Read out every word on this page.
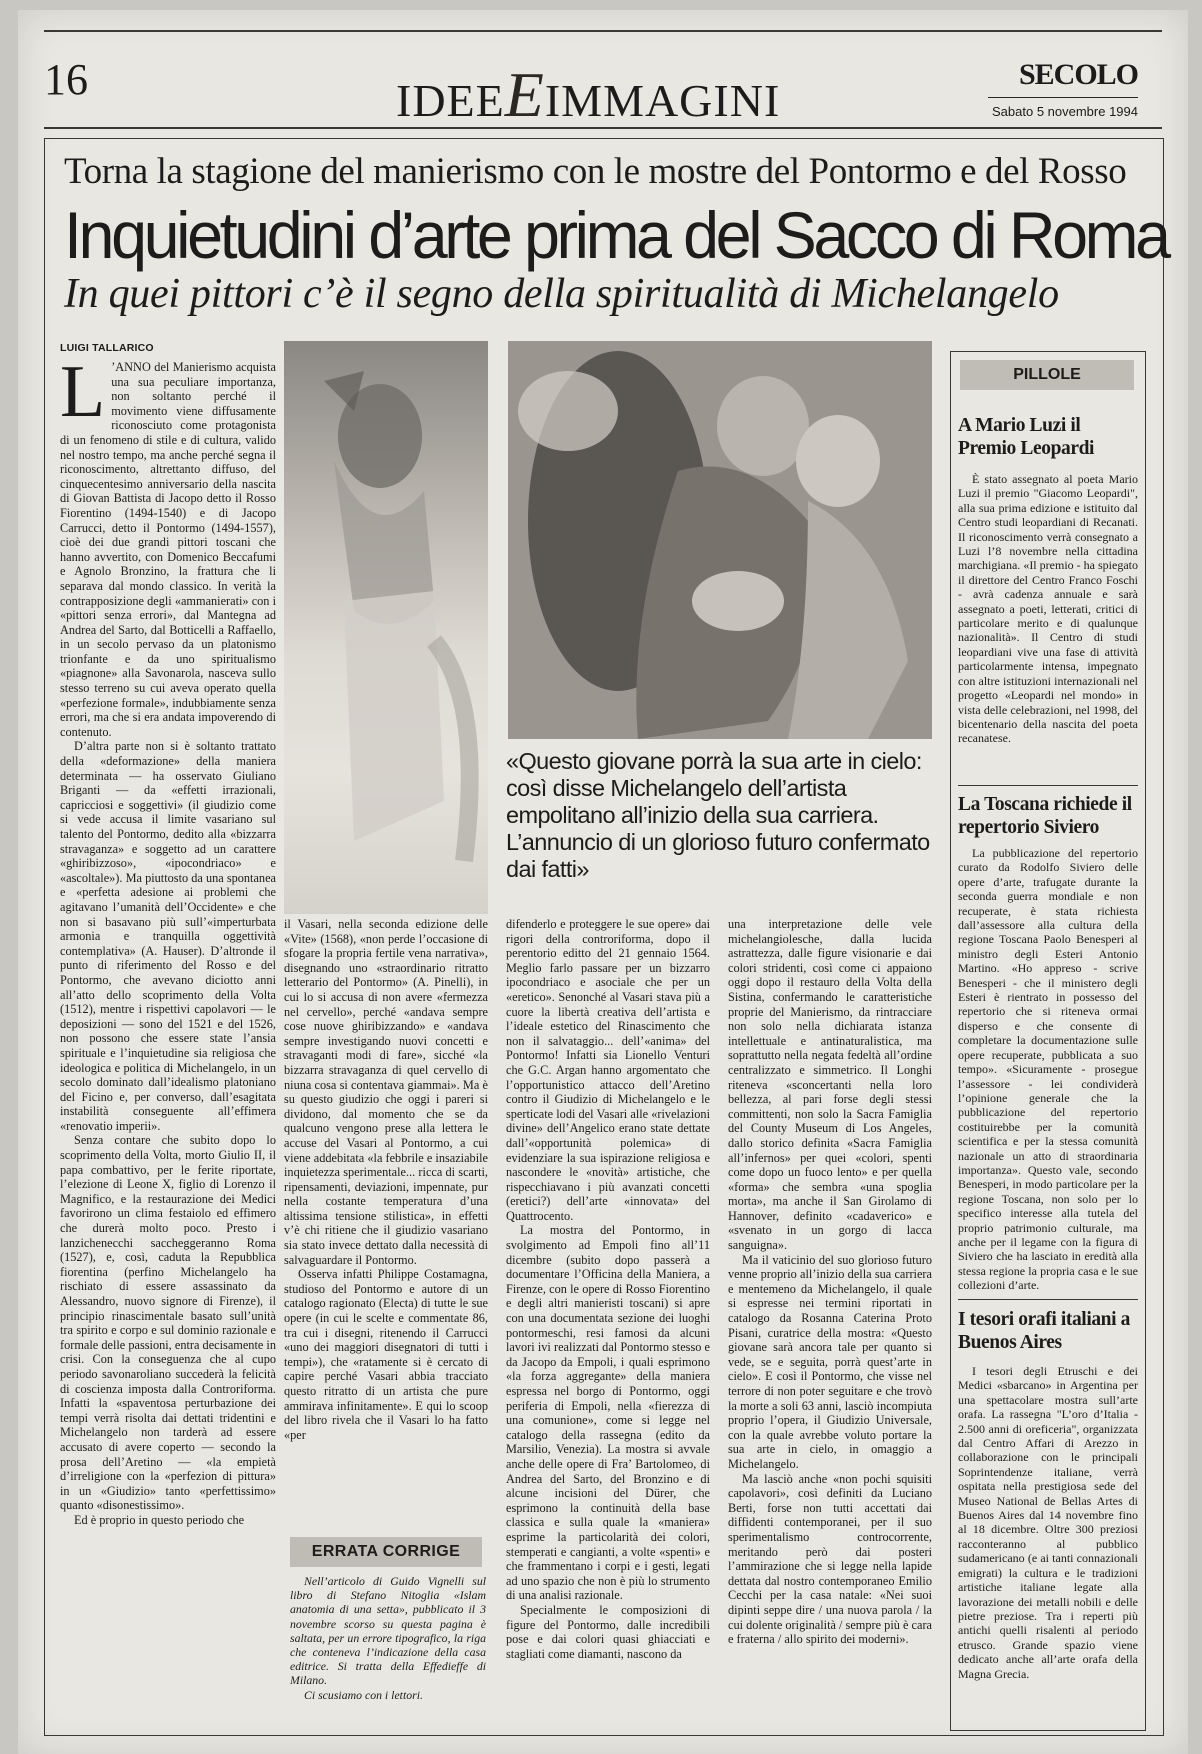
16	IDEEEIMMAGINI
SECOLO
Sabato 5 novembre 1994
Torna la stagione del manierismo con le mostre del Pontormo e del Rosso
Inquietudini d’arte prima del Sacco di Roma
In quei pittori c’è il segno della spiritualità di Michelangelo
LUIGI TALLARICO

L ’ANNO del Manierismo acquista una sua peculiare importanza, non soltanto perché il movimento viene diffusamente riconosciuto come protagonista di un fenomeno di stile e di cultura, valido nel nostro tempo, ma anche perché segna il riconoscimento, altrettanto diffuso, del cinquecentesimo anniversario della nascita di Giovan Battista di Jacopo detto il Rosso Fiorentino (1494-1540) e di Jacopo Carrucci, detto il Pontormo (1494-1557), cioè dei due grandi pittori toscani che hanno avvertito, con Domenico Beccafumi e Agnolo Bronzino, la frattura che li separava dal mondo classico. In verità la contrapposizione degli «ammanierati» con i «pittori senza errori», dal Mantegna ad Andrea del Sarto, dal Botticelli a Raffaello, in un secolo pervaso da un platonismo trionfante e da uno spiritualismo «piagnone» alla Savonarola, nasceva sullo stesso terreno su cui aveva operato quella «perfezione formale», indubbiamente senza errori, ma che si era andata impoverendo di contenuto.

D’altra parte non si è soltanto trattato della «deformazione» della maniera determinata — ha osservato Giuliano Briganti — da «effetti irrazionali, capricciosi e soggettivi» (il giudizio come si vede accusa il limite vasariano sul talento del Pontormo, dedito alla «bizzarra stravaganza» e soggetto ad un carattere «ghiribizzoso», «ipocondriaco» e «ascoltale»). Ma piuttosto da una spontanea e «perfetta adesione ai problemi che agitavano l’umanità dell’Occidente» e che non si basavano più sull’«imperturbata armonia e tranquilla oggettività contemplativa» (A. Hauser). D’altronde il punto di riferimento del Rosso e del Pontormo, che avevano diciotto anni all’atto dello scoprimento della Volta (1512), mentre i rispettivi capolavori — le deposizioni — sono del 1521 e del 1526, non possono che essere state l’ansia spirituale e l’inquietudine sia religiosa che ideologica e politica di Michelangelo, in un secolo dominato dall’idealismo platoniano del Ficino e, per converso, dall’esagitata instabilità conseguente all’effimera «renovatio imperii».

Senza contare che subito dopo lo scoprimento della Volta, morto Giulio II, il papa combattivo, per le ferite riportate, l’elezione di Leone X, figlio di Lorenzo il Magnifico, e la restaurazione dei Medici favorirono un clima festaiolo ed effimero che durerà molto poco. Presto i lanzichenecchi saccheggeranno Roma (1527), e, così, caduta la Repubblica fiorentina (perfino Michelangelo ha rischiato di essere assassinato da Alessandro, nuovo signore di Firenze), il principio rinascimentale basato sull’unità tra spirito e corpo e sul dominio razionale e formale delle passioni, entra decisamente in crisi. Con la conseguenza che al cupo periodo savonaroliano succederà la felicità di coscienza imposta dalla Controriforma. Infatti la «spaventosa perturbazione dei tempi verrà risolta dai dettati tridentini e Michelangelo non tarderà ad essere accusato di avere coperto — secondo la prosa dell’Aretino — «la empietà d’irreligione con la «perfezion di pittura» in un «Giudizio» tanto «perfettissimo» quanto «disonestissimo».

Ed è proprio in questo periodo che

«Questo giovane porrà la sua arte in cielo: così disse Michelangelo dell’artista empolitano all’inizio della sua carriera. L’annuncio di un glorioso futuro confermato dai fatti»

il Vasari, nella seconda edizione delle «Vite» (1568), «non perde l’occasione di sfogare la propria fertile vena narrativa», disegnando uno «straordinario ritratto letterario del Pontormo» (A. Pinelli), in cui lo si accusa di non avere «fermezza nel cervello», perché «andava sempre cose nuove ghiribizzando» e «andava sempre investigando nuovi concetti e stravaganti modi di fare», sicché «la bizzarra stravaganza di quel cervello di niuna cosa si contentava giammai». Ma è su questo giudizio che oggi i pareri si dividono, dal momento che se da qualcuno vengono prese alla lettera le accuse del Vasari al Pontormo, a cui viene addebitata «la febbrile e insaziabile inquietezza sperimentale... ricca di scarti, ripensamenti, deviazioni, impennate, pur nella costante temperatura d’una altissima tensione stilistica», in effetti v’è chi ritiene che il giudizio vasariano sia stato invece dettato dalla necessità di salvaguardare il Pontormo.

Osserva infatti Philippe Costamagna, studioso del Pontormo e autore di un catalogo ragionato (Electa) di tutte le sue opere (in cui le scelte e commentate 86, tra cui i disegni, ritenendo il Carrucci «uno dei maggiori disegnatori di tutti i tempi»), che «ratamente si è cercato di capire perché Vasari abbia tracciato questo ritratto di un artista che pure ammirava infinitamente». E qui lo scoop del libro rivela che il Vasari lo ha fatto «per

ERRATA CORRIGE

Nell’articolo di Guido Vignelli sul libro di Stefano Nitoglia «Islam anatomia di una setta», pubblicato il 3 novembre scorso su questa pagina è saltata, per un errore tipografico, la riga che conteneva l’indicazione della casa editrice. Si tratta della Effedieffe di Milano.

Ci scusiamo con i lettori.

difenderlo e proteggere le sue opere» dai rigori della controriforma, dopo il perentorio editto del 21 gennaio 1564. Meglio farlo passare per un bizzarro ipocondriaco e asociale che per un «eretico». Senonché al Vasari stava più a cuore la libertà creativa dell’artista e l’ideale estetico del Rinascimento che non il salvataggio... dell’«anima» del Pontormo! Infatti sia Lionello Venturi che G.C. Argan hanno argomentato che l’opportunistico attacco dell’Aretino contro il Giudizio di Michelangelo e le sperticate lodi del Vasari alle «rivelazioni divine» dell’Angelico erano state dettate dall’«opportunità polemica» di evidenziare la sua ispirazione religiosa e nascondere le «novità» artistiche, che rispecchiavano i più avanzati concetti (eretici?) dell’arte «innovata» del Quattrocento.

La mostra del Pontormo, in svolgimento ad Empoli fino all’11 dicembre (subito dopo passerà a documentare l’Officina della Maniera, a Firenze, con le opere di Rosso Fiorentino e degli altri manieristi toscani) si apre con una documentata sezione dei luoghi pontormeschi, resi famosi da alcuni lavori ivi realizzati dal Pontormo stesso e da Jacopo da Empoli, i quali esprimono «la forza aggregante» della maniera espressa nel borgo di Pontormo, oggi periferia di Empoli, nella «fierezza di una comunione», come si legge nel catalogo della rassegna (edito da Marsilio, Venezia). La mostra si avvale anche delle opere di Fra’ Bartolomeo, di Andrea del Sarto, del Bronzino e di alcune incisioni del Dürer, che esprimono la continuità della base classica e sulla quale la «maniera» esprime la particolarità dei colori, stemperati e cangianti, a volte «spenti» e che frammentano i corpi e i gesti, legati ad uno spazio che non è più lo strumento di una analisi razionale.

Specialmente le composizioni di figure del Pontormo, dalle incredibili pose e dai colori quasi ghiacciati e stagliati come diamanti, nascono da

una interpretazione delle vele michelangiolesche, dalla lucida astrattezza, dalle figure visionarie e dai colori stridenti, così come ci appaiono oggi dopo il restauro della Volta della Sistina, confermando le caratteristiche proprie del Manierismo, da rintracciare non solo nella dichiarata istanza intellettuale e antinaturalistica, ma soprattutto nella negata fedeltà all’ordine centralizzato e simmetrico. Il Longhi riteneva «sconcertanti nella loro bellezza, al pari forse degli stessi committenti, non solo la Sacra Famiglia del County Museum di Los Angeles, dallo storico definita «Sacra Famiglia all’infernos» per quei «colori, spenti come dopo un fuoco lento» e per quella «forma» che sembra «una spoglia morta», ma anche il San Girolamo di Hannover, definito «cadaverico» e «svenato in un gorgo di lacca sanguigna».

Ma il vaticinio del suo glorioso futuro venne proprio all’inizio della sua carriera e mentemeno da Michelangelo, il quale si espresse nei termini riportati in catalogo da Rosanna Caterina Proto Pisani, curatrice della mostra: «Questo giovane sarà ancora tale per quanto si vede, se e seguita, porrà quest’arte in cielo». E così il Pontormo, che visse nel terrore di non poter seguitare e che trovò la morte a soli 63 anni, lasciò incompiuta proprio l’opera, il Giudizio Universale, con la quale avrebbe voluto portare la sua arte in cielo, in omaggio a Michelangelo.

Ma lasciò anche «non pochi squisiti capolavori», così definiti da Luciano Berti, forse non tutti accettati dai diffidenti contemporanei, per il suo sperimentalismo controcorrente, meritando però dai posteri l’ammirazione che si legge nella lapide dettata dal nostro contemporaneo Emilio Cecchi per la casa natale: «Nei suoi dipinti seppe dire / una nuova parola / la cui dolente originalità / sempre più è cara e fraterna / allo spirito dei moderni».

PILLOLE
A Mario Luzi il Premio Leopardi

È stato assegnato al poeta Mario Luzi il premio "Giacomo Leopardi", alla sua prima edizione e istituito dal Centro studi leopardiani di Recanati. Il riconoscimento verrà consegnato a Luzi l’8 novembre nella cittadina marchigiana. «Il premio - ha spiegato il direttore del Centro Franco Foschi - avrà cadenza annuale e sarà assegnato a poeti, letterati, critici di particolare merito e di qualunque nazionalità». Il Centro di studi leopardiani vive una fase di attività particolarmente intensa, impegnato con altre istituzioni internazionali nel progetto «Leopardi nel mondo» in vista delle celebrazioni, nel 1998, del bicentenario della nascita del poeta recanatese.

La Toscana richiede il repertorio Siviero

La pubblicazione del repertorio curato da Rodolfo Siviero delle opere d’arte, trafugate durante la seconda guerra mondiale e non recuperate, è stata richiesta dall’assessore alla cultura della regione Toscana Paolo Benesperi al ministro degli Esteri Antonio Martino. «Ho appreso - scrive Benesperi - che il ministero degli Esteri è rientrato in possesso del repertorio che si riteneva ormai disperso e che consente di completare la documentazione sulle opere recuperate, pubblicata a suo tempo». «Sicuramente - prosegue l’assessore - lei condividerà l’opinione generale che la pubblicazione del repertorio costituirebbe per la comunità scientifica e per la stessa comunità nazionale un atto di straordinaria importanza». Questo vale, secondo Benesperi, in modo particolare per la regione Toscana, non solo per lo specifico interesse alla tutela del proprio patrimonio culturale, ma anche per il legame con la figura di Siviero che ha lasciato in eredità alla stessa regione la propria casa e le sue collezioni d’arte.

I tesori orafi italiani a Buenos Aires

I tesori degli Etruschi e dei Medici «sbarcano» in Argentina per una spettacolare mostra sull’arte orafa. La rassegna "L’oro d’Italia - 2.500 anni di oreficeria", organizzata dal Centro Affari di Arezzo in collaborazione con le principali Soprintendenze italiane, verrà ospitata nella prestigiosa sede del Museo National de Bellas Artes di Buenos Aires dal 14 novembre fino al 18 dicembre. Oltre 300 preziosi racconteranno al pubblico sudamericano (e ai tanti connazionali emigrati) la cultura e le tradizioni artistiche italiane legate alla lavorazione dei metalli nobili e delle pietre preziose. Tra i reperti più antichi quelli risalenti al periodo etrusco. Grande spazio viene dedicato anche all’arte orafa della Magna Grecia.
